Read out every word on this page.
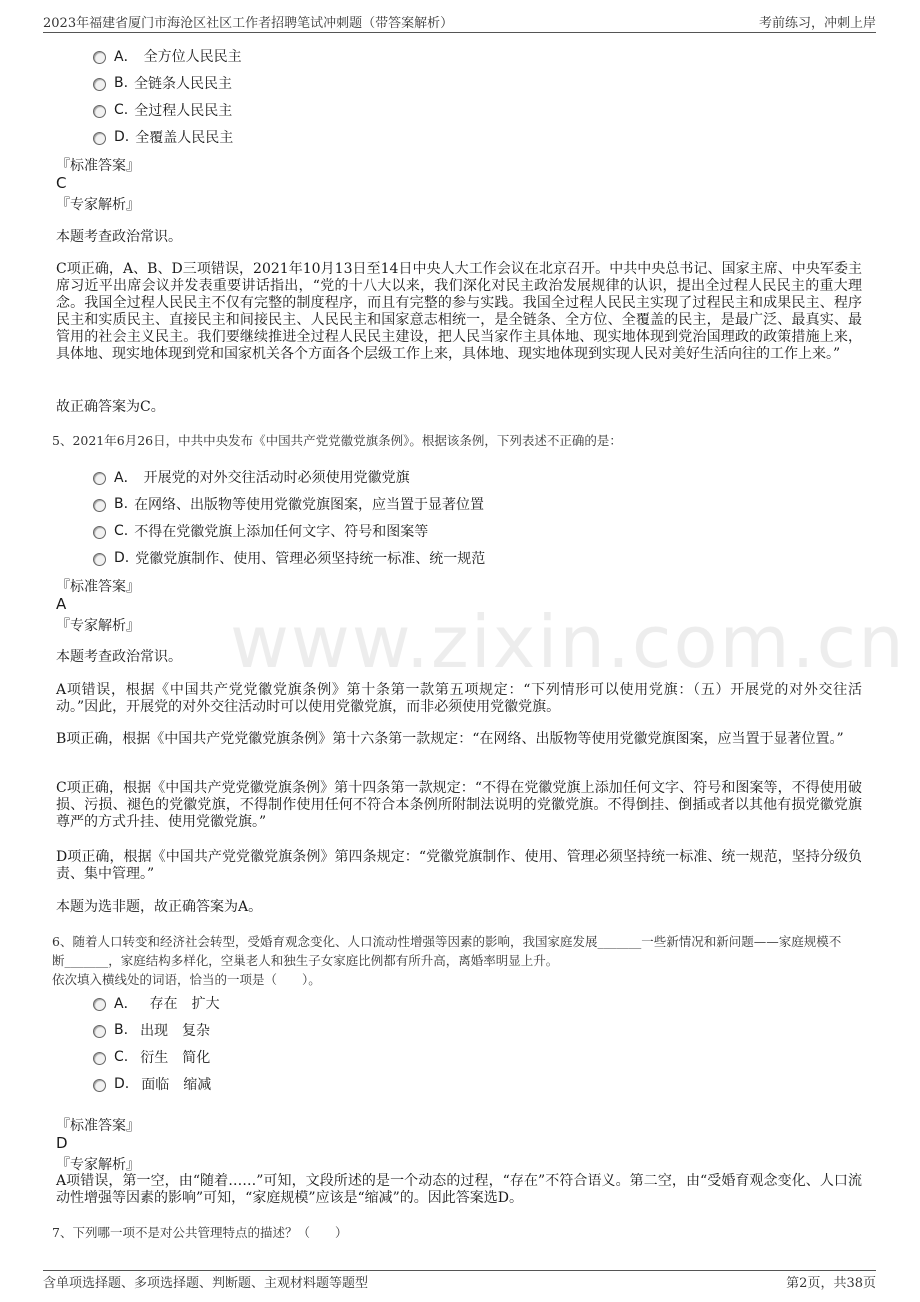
2023年福建省厦门市海沧区社区工作者招聘笔试冲刺题（带答案解析）	考前练习，冲刺上岸
www.zixin.com.cn
A． 全方位人民民主
B. 全链条人民民主
C. 全过程人民民主
D. 全覆盖人民民主
『标准答案』
C
『专家解析』
本题考查政治常识。
C项正确，A、B、D三项错误，2021年10月13日至14日中央人大工作会议在北京召开。中共中央总书记、国家主席、中央军委主席习近平出席会议并发表重要讲话指出，“党的十八大以来，我们深化对民主政治发展规律的认识，提出全过程人民民主的重大理念。我国全过程人民民主不仅有完整的制度程序，而且有完整的参与实践。我国全过程人民民主实现了过程民主和成果民主、程序民主和实质民主、直接民主和间接民主、人民民主和国家意志相统一，是全链条、全方位、全覆盖的民主，是最广泛、最真实、最管用的社会主义民主。我们要继续推进全过程人民民主建设，把人民当家作主具体地、现实地体现到党治国理政的政策措施上来，具体地、现实地体现到党和国家机关各个方面各个层级工作上来，具体地、现实地体现到实现人民对美好生活向往的工作上来。”
故正确答案为C。
5、2021年6月26日，中共中央发布《中国共产党党徽党旗条例》。根据该条例，下列表述不正确的是：
A． 开展党的对外交往活动时必须使用党徽党旗
B. 在网络、出版物等使用党徽党旗图案，应当置于显著位置
C. 不得在党徽党旗上添加任何文字、符号和图案等
D. 党徽党旗制作、使用、管理必须坚持统一标准、统一规范
『标准答案』
A
『专家解析』
本题考查政治常识。
A项错误，根据《中国共产党党徽党旗条例》第十条第一款第五项规定：“下列情形可以使用党旗：（五）开展党的对外交往活动。”因此，开展党的对外交往活动时可以使用党徽党旗，而非必须使用党徽党旗。
B项正确，根据《中国共产党党徽党旗条例》第十六条第一款规定：“在网络、出版物等使用党徽党旗图案，应当置于显著位置。”
C项正确，根据《中国共产党党徽党旗条例》第十四条第一款规定：“不得在党徽党旗上添加任何文字、符号和图案等，不得使用破损、污损、褪色的党徽党旗，不得制作使用任何不符合本条例所附制法说明的党徽党旗。不得倒挂、倒插或者以其他有损党徽党旗尊严的方式升挂、使用党徽党旗。”
D项正确，根据《中国共产党党徽党旗条例》第四条规定：“党徽党旗制作、使用、管理必须坚持统一标准、统一规范，坚持分级负责、集中管理。”
本题为选非题，故正确答案为A。
6、随着人口转变和经济社会转型，受婚育观念变化、人口流动性增强等因素的影响，我国家庭发展_______一些新情况和新问题——家庭规模不
断_______，家庭结构多样化，空巢老人和独生子女家庭比例都有所升高，离婚率明显上升。
依次填入横线处的词语，恰当的一项是（　　）。
A． 存在　扩大
B. 出现　复杂
C. 衍生　简化
D. 面临　缩减
『标准答案』
D
『专家解析』
A项错误，第一空，由“随着……”可知，文段所述的是一个动态的过程，“存在”不符合语义。第二空，由“受婚育观念变化、人口流动性增强等因素的影响”可知，“家庭规模”应该是“缩减”的。因此答案选D。
7、下列哪一项不是对公共管理特点的描述？（　　）
含单项选择题、多项选择题、判断题、主观材料题等题型	第2页，共38页
